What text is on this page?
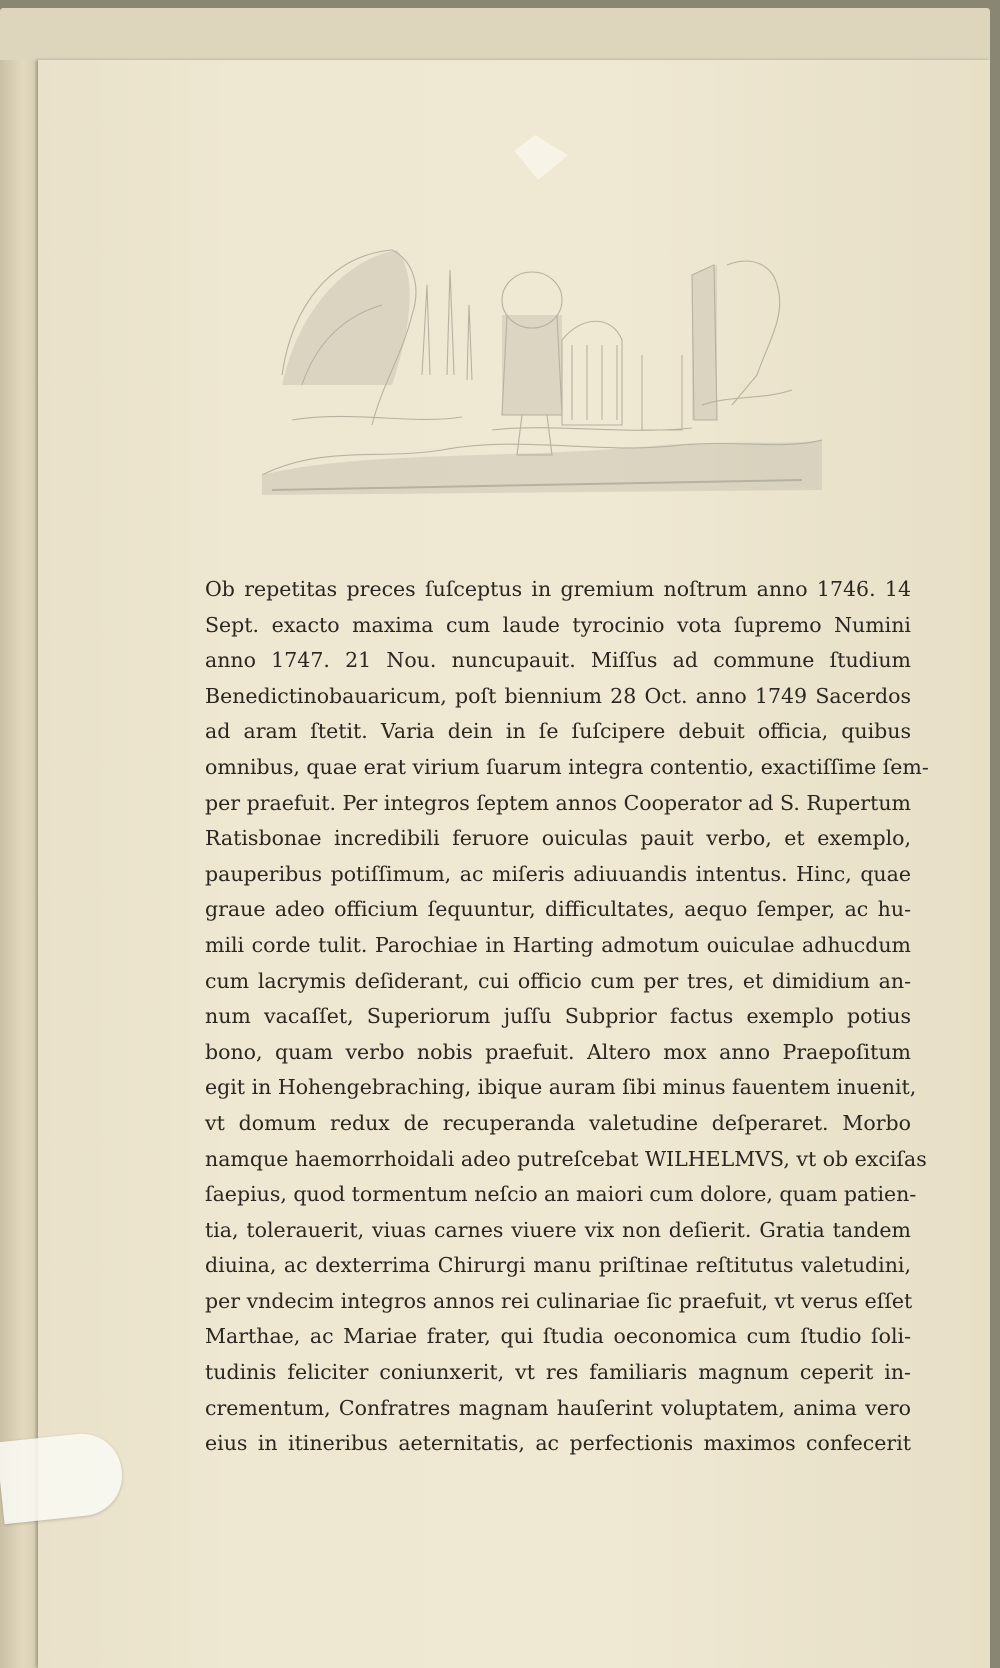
Ob repetitas preces ſuſceptus in gremium noſtrum anno 1746. 14
Sept. exacto maxima cum laude tyrocinio vota ſupremo Numini
anno 1747. 21 Nou. nuncupauit. Miſſus ad commune ſtudium
Benedictinobauaricum, poſt biennium 28 Oct. anno 1749 Sacerdos
ad aram ſtetit. Varia dein in ſe ſuſcipere debuit officia, quibus
omnibus, quae erat virium ſuarum integra contentio, exactiſſime ſem-
per praefuit. Per integros ſeptem annos Cooperator ad S. Rupertum
Ratisbonae incredibili feruore ouiculas pauit verbo, et exemplo,
pauperibus potiſſimum, ac miſeris adiuuandis intentus. Hinc, quae
graue adeo officium ſequuntur, difficultates, aequo ſemper, ac hu-
mili corde tulit. Parochiae in Harting admotum ouiculae adhucdum
cum lacrymis deſiderant, cui officio cum per tres, et dimidium an-
num vacaſſet, Superiorum juſſu Subprior factus exemplo potius
bono, quam verbo nobis praefuit. Altero mox anno Praepoſitum
egit in Hohengebraching, ibique auram ſibi minus fauentem inuenit,
vt domum redux de recuperanda valetudine deſperaret. Morbo
namque haemorrhoidali adeo putreſcebat WILHELMVS, vt ob exciſas
ſaepius, quod tormentum neſcio an maiori cum dolore, quam patien-
tia, tolerauerit, viuas carnes viuere vix non deſierit. Gratia tandem
diuina, ac dexterrima Chirurgi manu priſtinae reſtitutus valetudini,
per vndecim integros annos rei culinariae ſic praefuit, vt verus eſſet
Marthae, ac Mariae frater, qui ſtudia oeconomica cum ſtudio ſoli-
tudinis feliciter coniunxerit, vt res familiaris magnum ceperit in-
crementum, Confratres magnam hauſerint voluptatem, anima vero
eius in itineribus aeternitatis, ac perfectionis maximos confecerit
